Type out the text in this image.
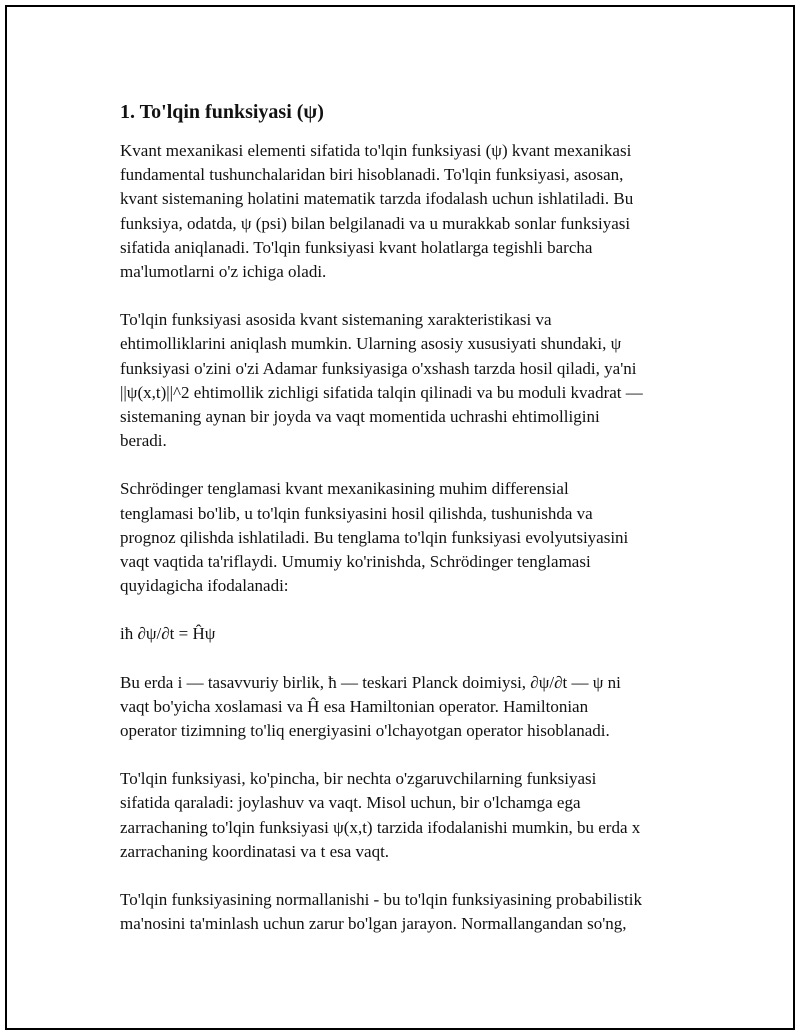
1. To'lqin funksiyasi (ψ)

Kvant mexanikasi elementi sifatida to'lqin funksiyasi (ψ) kvant mexanikasi
fundamental tushunchalaridan biri hisoblanadi. To'lqin funksiyasi, asosan,
kvant sistemaning holatini matematik tarzda ifodalash uchun ishlatiladi. Bu
funksiya, odatda, ψ (psi) bilan belgilanadi va u murakkab sonlar funksiyasi
sifatida aniqlanadi. To'lqin funksiyasi kvant holatlarga tegishli barcha
ma'lumotlarni o'z ichiga oladi.

To'lqin funksiyasi asosida kvant sistemaning xarakteristikasi va
ehtimolliklarini aniqlash mumkin. Ularning asosiy xususiyati shundaki, ψ
funksiyasi o'zini o'zi Adamar funksiyasiga o'xshash tarzda hosil qiladi, ya'ni
||ψ(x,t)||^2 ehtimollik zichligi sifatida talqin qilinadi va bu moduli kvadrat —
sistemaning aynan bir joyda va vaqt momentida uchrashi ehtimolligini
beradi.

Schrödinger tenglamasi kvant mexanikasining muhim differensial
tenglamasi bo'lib, u to'lqin funksiyasini hosil qilishda, tushunishda va
prognoz qilishda ishlatiladi. Bu tenglama to'lqin funksiyasi evolyutsiyasini
vaqt vaqtida ta'riflaydi. Umumiy ko'rinishda, Schrödinger tenglamasi
quyidagicha ifodalanadi:

iħ ∂ψ/∂t = Ĥψ

Bu erda i — tasavvuriy birlik, ħ — teskari Planck doimiysi, ∂ψ/∂t — ψ ni
vaqt bo'yicha xoslamasi va Ĥ esa Hamiltonian operator. Hamiltonian
operator tizimning to'liq energiyasini o'lchayotgan operator hisoblanadi.

To'lqin funksiyasi, ko'pincha, bir nechta o'zgaruvchilarning funksiyasi
sifatida qaraladi: joylashuv va vaqt. Misol uchun, bir o'lchamga ega
zarrachaning to'lqin funksiyasi ψ(x,t) tarzida ifodalanishi mumkin, bu erda x
zarrachaning koordinatasi va t esa vaqt.

To'lqin funksiyasining normallanishi - bu to'lqin funksiyasining probabilistik
ma'nosini ta'minlash uchun zarur bo'lgan jarayon. Normallangandan so'ng,
